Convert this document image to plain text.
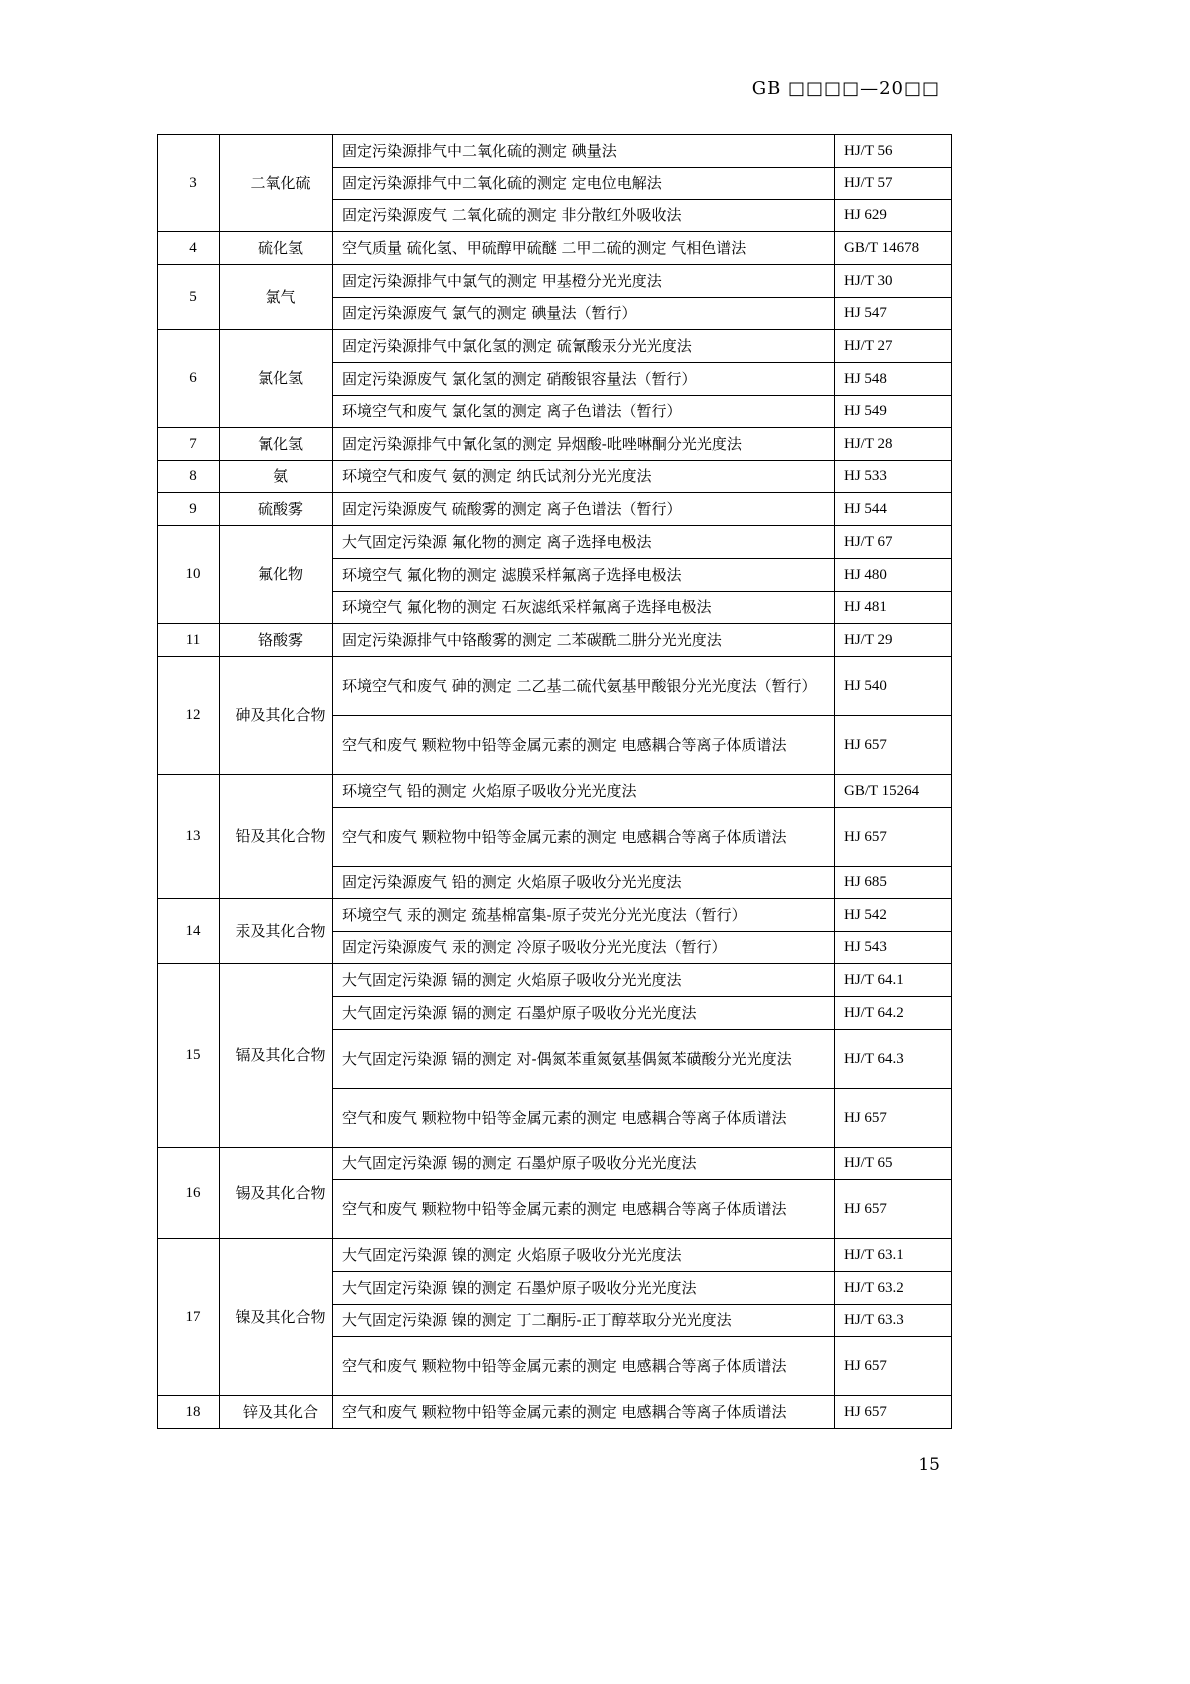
GB □□□□—20□□
3	二氧化硫	固定污染源排气中二氧化硫的测定 碘量法	HJ/T 56
		固定污染源排气中二氧化硫的测定 定电位电解法	HJ/T 57
		固定污染源废气 二氧化硫的测定 非分散红外吸收法	HJ 629
4	硫化氢	空气质量 硫化氢、甲硫醇甲硫醚 二甲二硫的测定 气相色谱法	GB/T 14678
5	氯气	固定污染源排气中氯气的测定 甲基橙分光光度法	HJ/T 30
		固定污染源废气 氯气的测定 碘量法（暂行）	HJ 547
6	氯化氢	固定污染源排气中氯化氢的测定 硫氰酸汞分光光度法	HJ/T 27
		固定污染源废气 氯化氢的测定 硝酸银容量法（暂行）	HJ 548
		环境空气和废气 氯化氢的测定 离子色谱法（暂行）	HJ 549
7	氰化氢	固定污染源排气中氰化氢的测定 异烟酸-吡唑啉酮分光光度法	HJ/T 28
8	氨	环境空气和废气 氨的测定 纳氏试剂分光光度法	HJ 533
9	硫酸雾	固定污染源废气 硫酸雾的测定 离子色谱法（暂行）	HJ 544
10	氟化物	大气固定污染源 氟化物的测定 离子选择电极法	HJ/T 67
		环境空气 氟化物的测定 滤膜采样氟离子选择电极法	HJ 480
		环境空气 氟化物的测定 石灰滤纸采样氟离子选择电极法	HJ 481
11	铬酸雾	固定污染源排气中铬酸雾的测定 二苯碳酰二肼分光光度法	HJ/T 29
12	砷及其化合物	环境空气和废气 砷的测定 二乙基二硫代氨基甲酸银分光光度法（暂行）	HJ 540
		空气和废气 颗粒物中铅等金属元素的测定 电感耦合等离子体质谱法	HJ 657
13	铅及其化合物	环境空气 铅的测定 火焰原子吸收分光光度法	GB/T 15264
		空气和废气 颗粒物中铅等金属元素的测定 电感耦合等离子体质谱法	HJ 657
		固定污染源废气 铅的测定 火焰原子吸收分光光度法	HJ 685
14	汞及其化合物	环境空气 汞的测定 巯基棉富集-原子荧光分光光度法（暂行）	HJ 542
		固定污染源废气 汞的测定 冷原子吸收分光光度法（暂行）	HJ 543
15	镉及其化合物	大气固定污染源 镉的测定 火焰原子吸收分光光度法	HJ/T 64.1
		大气固定污染源 镉的测定 石墨炉原子吸收分光光度法	HJ/T 64.2
		大气固定污染源 镉的测定 对-偶氮苯重氮氨基偶氮苯磺酸分光光度法	HJ/T 64.3
		空气和废气 颗粒物中铅等金属元素的测定 电感耦合等离子体质谱法	HJ 657
16	锡及其化合物	大气固定污染源 锡的测定 石墨炉原子吸收分光光度法	HJ/T 65
		空气和废气 颗粒物中铅等金属元素的测定 电感耦合等离子体质谱法	HJ 657
17	镍及其化合物	大气固定污染源 镍的测定 火焰原子吸收分光光度法	HJ/T 63.1
		大气固定污染源 镍的测定 石墨炉原子吸收分光光度法	HJ/T 63.2
		大气固定污染源 镍的测定 丁二酮肟-正丁醇萃取分光光度法	HJ/T 63.3
		空气和废气 颗粒物中铅等金属元素的测定 电感耦合等离子体质谱法	HJ 657
18	锌及其化合	空气和废气 颗粒物中铅等金属元素的测定 电感耦合等离子体质谱法	HJ 657
15
